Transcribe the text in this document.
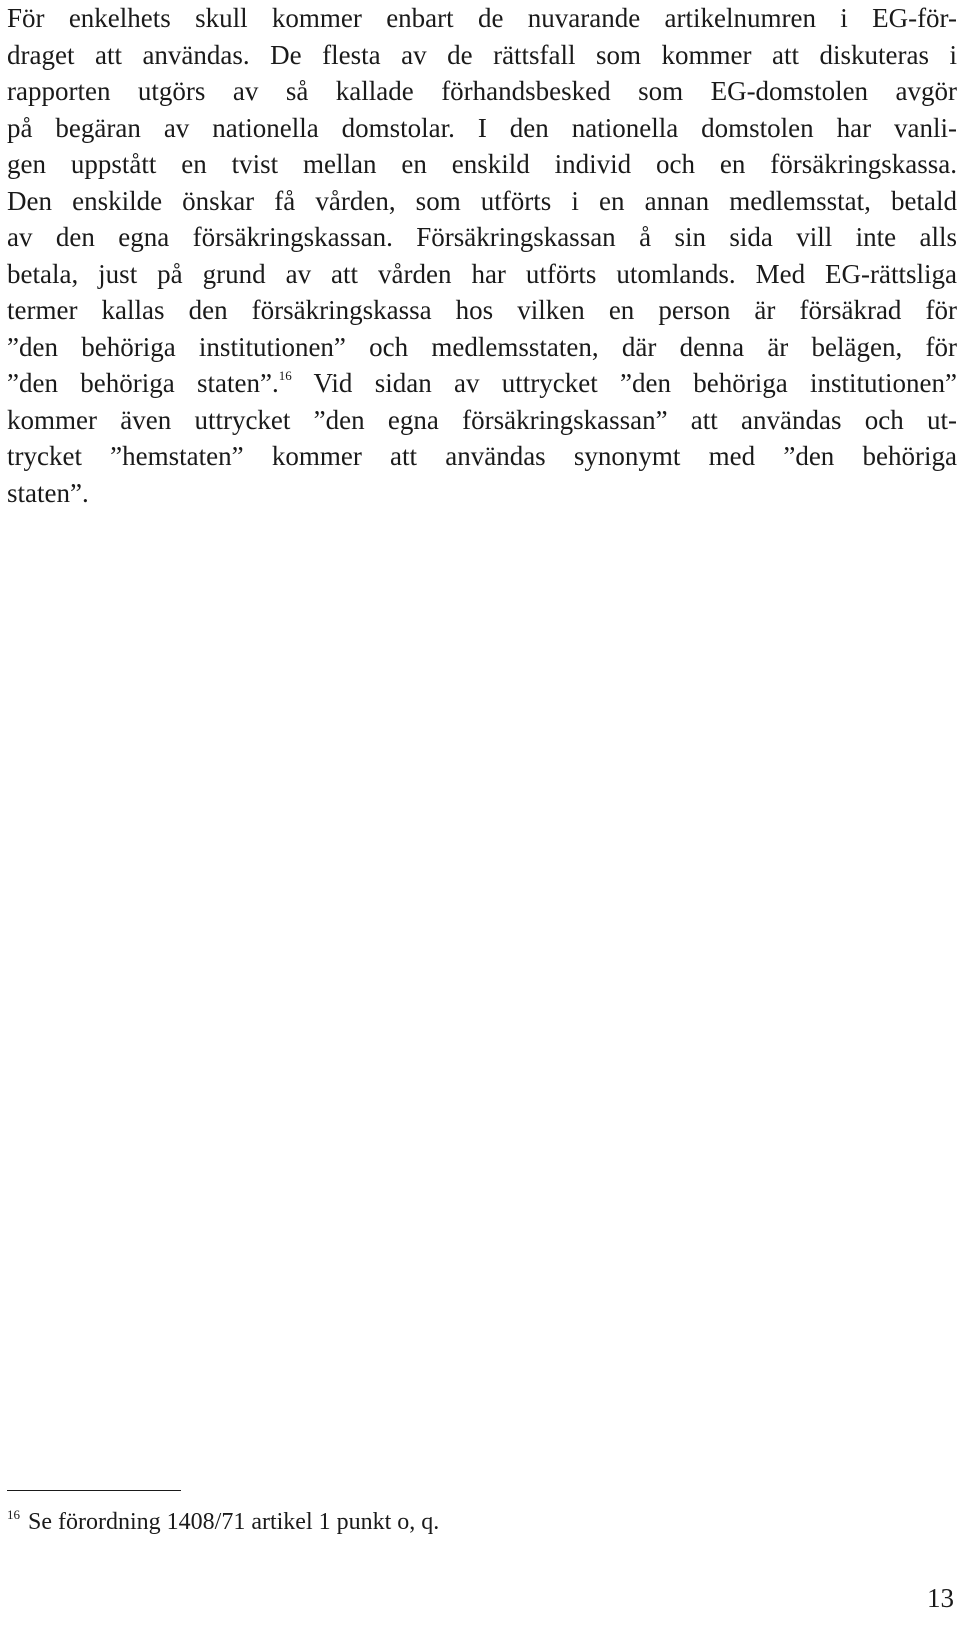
För enkelhets skull kommer enbart de nuvarande artikelnumren i EG-för-
draget att användas. De flesta av de rättsfall som kommer att diskuteras i
rapporten utgörs av så kallade förhandsbesked som EG-domstolen avgör
på begäran av nationella domstolar. I den nationella domstolen har vanli-
gen uppstått en tvist mellan en enskild individ och en försäkringskassa.
Den enskilde önskar få vården, som utförts i en annan medlemsstat, betald
av den egna försäkringskassan. Försäkringskassan å sin sida vill inte alls
betala, just på grund av att vården har utförts utomlands. Med EG-rättsliga
termer kallas den försäkringskassa hos vilken en person är försäkrad för
”den behöriga institutionen” och medlemsstaten, där denna är belägen, för
”den behöriga staten”.$^{16}$ Vid sidan av uttrycket ”den behöriga institutionen”
kommer även uttrycket ”den egna försäkringskassan” att användas och ut-
trycket ”hemstaten” kommer att användas synonymt med ”den behöriga
staten”.
$^{16}$ Se förordning 1408/71 artikel 1 punkt o, q.
13
